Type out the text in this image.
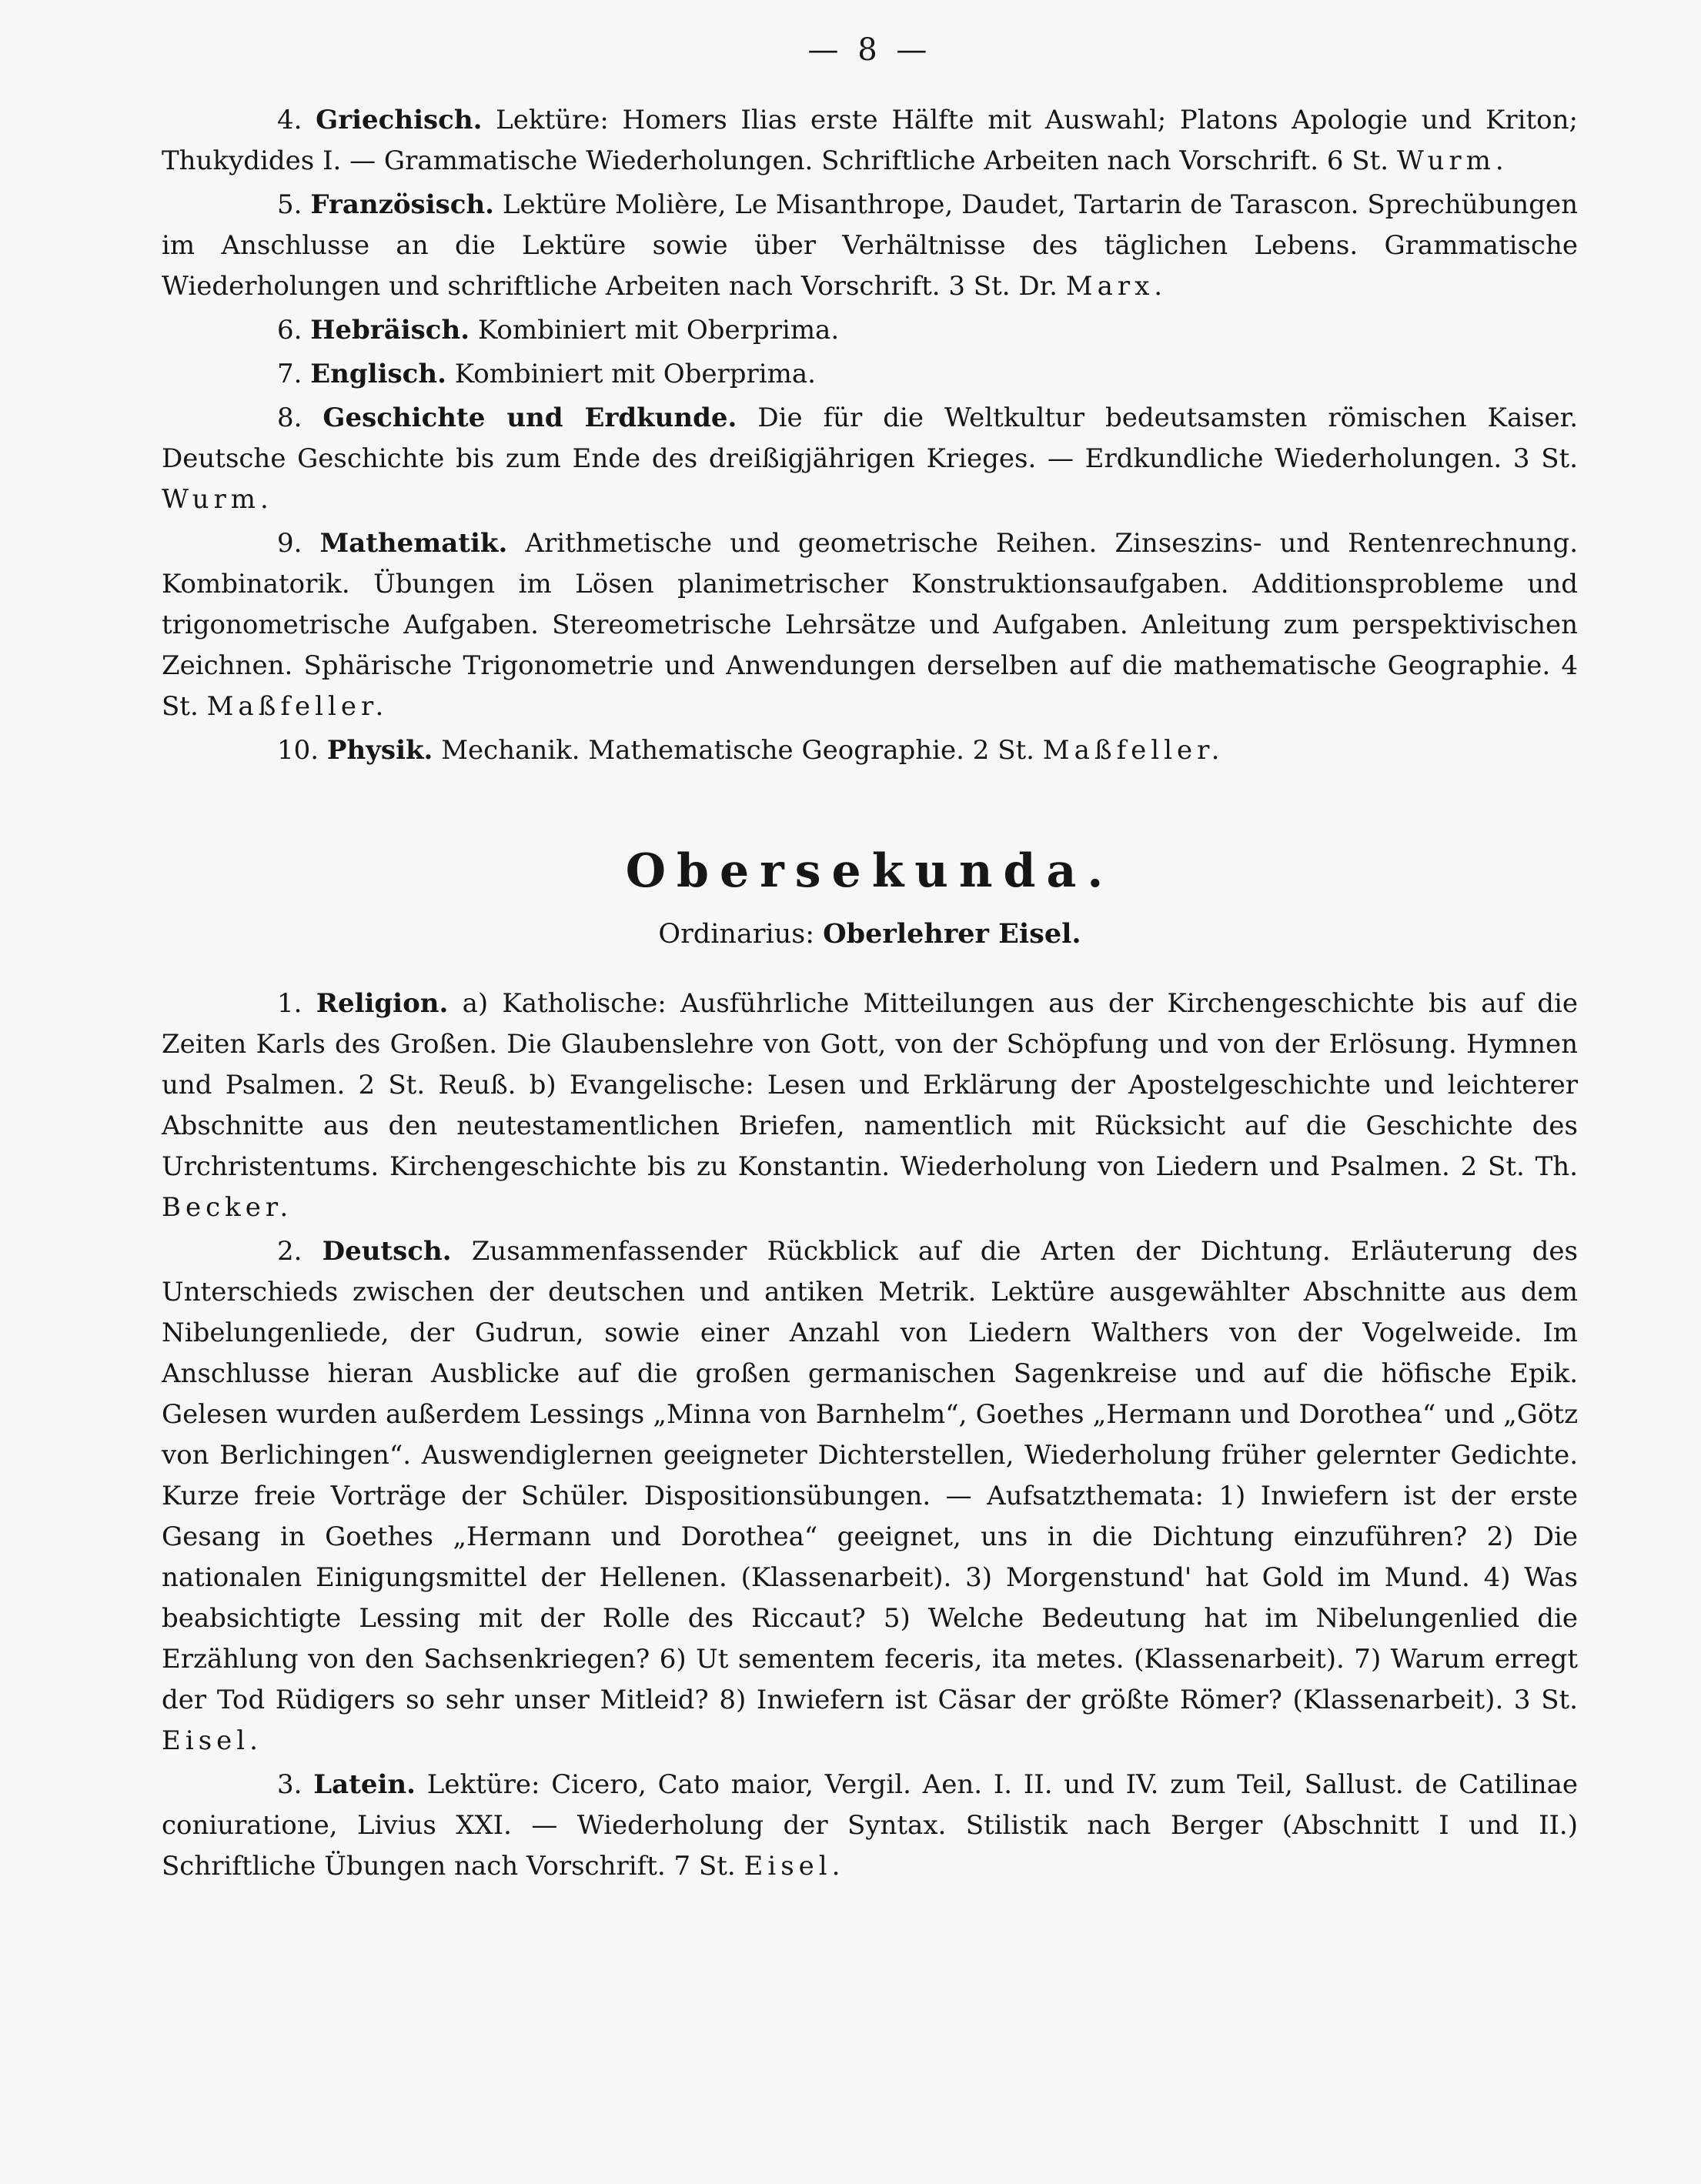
— 8 —

4. Griechisch. Lektüre: Homers Ilias erste Hälfte mit Auswahl; Platons Apologie und Kriton; Thukydides I. — Grammatische Wiederholungen. Schriftliche Arbeiten nach Vorschrift. 6 St. Wurm.

5. Französisch. Lektüre Molière, Le Misanthrope, Daudet, Tartarin de Tarascon. Sprechübungen im Anschlusse an die Lektüre sowie über Verhältnisse des täglichen Lebens. Grammatische Wiederholungen und schriftliche Arbeiten nach Vorschrift. 3 St. Dr. Marx.

6. Hebräisch. Kombiniert mit Oberprima.

7. Englisch. Kombiniert mit Oberprima.

8. Geschichte und Erdkunde. Die für die Weltkultur bedeutsamsten römischen Kaiser. Deutsche Geschichte bis zum Ende des dreißigjährigen Krieges. — Erdkundliche Wiederholungen. 3 St. Wurm.

9. Mathematik. Arithmetische und geometrische Reihen. Zinseszins- und Rentenrechnung. Kombinatorik. Übungen im Lösen planimetrischer Konstruktionsaufgaben. Additionsprobleme und trigonometrische Aufgaben. Stereometrische Lehrsätze und Aufgaben. Anleitung zum perspektivischen Zeichnen. Sphärische Trigonometrie und Anwendungen derselben auf die mathematische Geographie. 4 St. Maßfeller.

10. Physik. Mechanik. Mathematische Geographie. 2 St. Maßfeller.

Obersekunda.
Ordinarius: Oberlehrer Eisel.

1. Religion. a) Katholische: Ausführliche Mitteilungen aus der Kirchengeschichte bis auf die Zeiten Karls des Großen. Die Glaubenslehre von Gott, von der Schöpfung und von der Erlösung. Hymnen und Psalmen. 2 St. Reuß. b) Evangelische: Lesen und Erklärung der Apostelgeschichte und leichterer Abschnitte aus den neutestamentlichen Briefen, namentlich mit Rücksicht auf die Geschichte des Urchristentums. Kirchengeschichte bis zu Konstantin. Wiederholung von Liedern und Psalmen. 2 St. Th. Becker.

2. Deutsch. Zusammenfassender Rückblick auf die Arten der Dichtung. Erläuterung des Unterschieds zwischen der deutschen und antiken Metrik. Lektüre ausgewählter Abschnitte aus dem Nibelungenliede, der Gudrun, sowie einer Anzahl von Liedern Walthers von der Vogelweide. Im Anschlusse hieran Ausblicke auf die großen germanischen Sagenkreise und auf die höfische Epik. Gelesen wurden außerdem Lessings „Minna von Barnhelm“, Goethes „Hermann und Dorothea“ und „Götz von Berlichingen“. Auswendiglernen geeigneter Dichterstellen, Wiederholung früher gelernter Gedichte. Kurze freie Vorträge der Schüler. Dispositionsübungen. — Aufsatzthemata: 1) Inwiefern ist der erste Gesang in Goethes „Hermann und Dorothea“ geeignet, uns in die Dichtung einzuführen? 2) Die nationalen Einigungsmittel der Hellenen. (Klassenarbeit). 3) Morgenstund' hat Gold im Mund. 4) Was beabsichtigte Lessing mit der Rolle des Riccaut? 5) Welche Bedeutung hat im Nibelungenlied die Erzählung von den Sachsenkriegen? 6) Ut sementem feceris, ita metes. (Klassenarbeit). 7) Warum erregt der Tod Rüdigers so sehr unser Mitleid? 8) Inwiefern ist Cäsar der größte Römer? (Klassenarbeit). 3 St. Eisel.

3. Latein. Lektüre: Cicero, Cato maior, Vergil. Aen. I. II. und IV. zum Teil, Sallust. de Catilinae coniuratione, Livius XXI. — Wiederholung der Syntax. Stilistik nach Berger (Abschnitt I und II.) Schriftliche Übungen nach Vorschrift. 7 St. Eisel.
